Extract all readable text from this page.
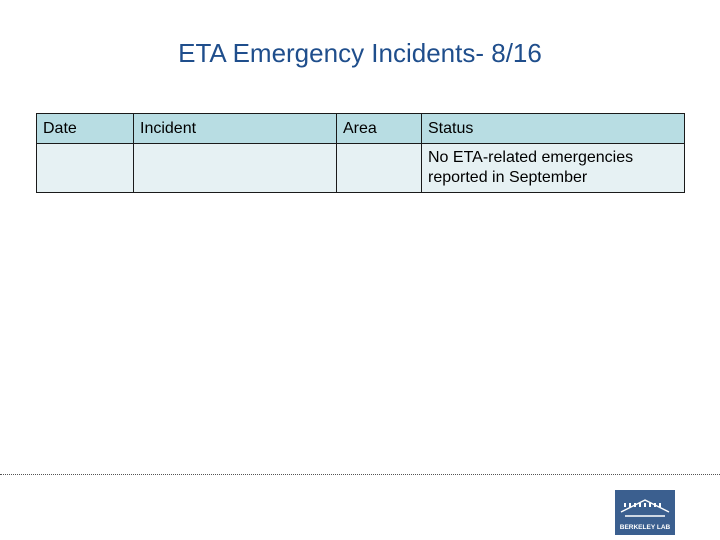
ETA Emergency Incidents- 8/16
Date	Incident	Area	Status
			No ETA-related emergencies reported in September
BERKELEY LAB
